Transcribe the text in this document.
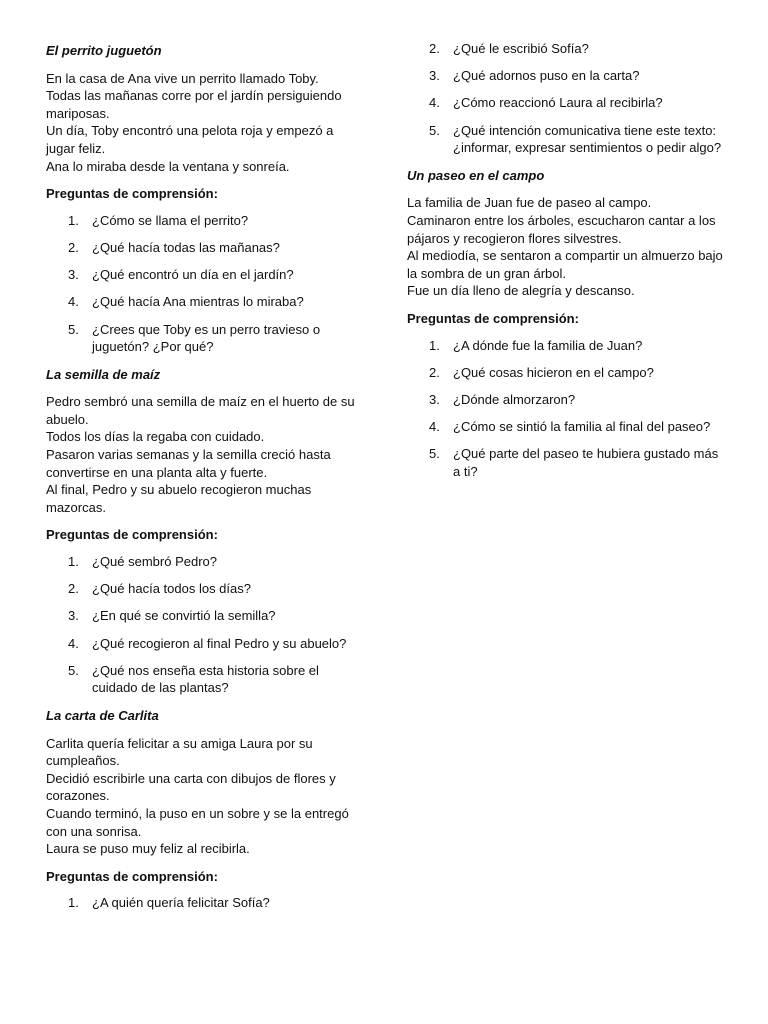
El perrito juguetón

En la casa de Ana vive un perrito llamado Toby.

Todas las mañanas corre por el jardín persiguiendo mariposas.

Un día, Toby encontró una pelota roja y empezó a jugar feliz.

Ana lo miraba desde la ventana y sonreía.

Preguntas de comprensión:
1. ¿Cómo se llama el perrito?
2. ¿Qué hacía todas las mañanas?
3. ¿Qué encontró un día en el jardín?
4. ¿Qué hacía Ana mientras lo miraba?
5. ¿Crees que Toby es un perro travieso o juguetón? ¿Por qué?
La semilla de maíz

Pedro sembró una semilla de maíz en el huerto de su abuelo.

Todos los días la regaba con cuidado.

Pasaron varias semanas y la semilla creció hasta convertirse en una planta alta y fuerte.

Al final, Pedro y su abuelo recogieron muchas mazorcas.

Preguntas de comprensión:
1. ¿Qué sembró Pedro?
2. ¿Qué hacía todos los días?
3. ¿En qué se convirtió la semilla?
4. ¿Qué recogieron al final Pedro y su abuelo?
5. ¿Qué nos enseña esta historia sobre el cuidado de las plantas?
La carta de Carlita

Carlita quería felicitar a su amiga Laura por su cumpleaños.

Decidió escribirle una carta con dibujos de flores y corazones.

Cuando terminó, la puso en un sobre y se la entregó con una sonrisa.

Laura se puso muy feliz al recibirla.

Preguntas de comprensión:
1. ¿A quién quería felicitar Sofía?
2. ¿Qué le escribió Sofía?
3. ¿Qué adornos puso en la carta?
4. ¿Cómo reaccionó Laura al recibirla?
5. ¿Qué intención comunicativa tiene este texto: ¿informar, expresar sentimientos o pedir algo?
Un paseo en el campo

La familia de Juan fue de paseo al campo.

Caminaron entre los árboles, escucharon cantar a los pájaros y recogieron flores silvestres.

Al mediodía, se sentaron a compartir un almuerzo bajo la sombra de un gran árbol.

Fue un día lleno de alegría y descanso.

Preguntas de comprensión:
1. ¿A dónde fue la familia de Juan?
2. ¿Qué cosas hicieron en el campo?
3. ¿Dónde almorzaron?
4. ¿Cómo se sintió la familia al final del paseo?
5. ¿Qué parte del paseo te hubiera gustado más a ti?
